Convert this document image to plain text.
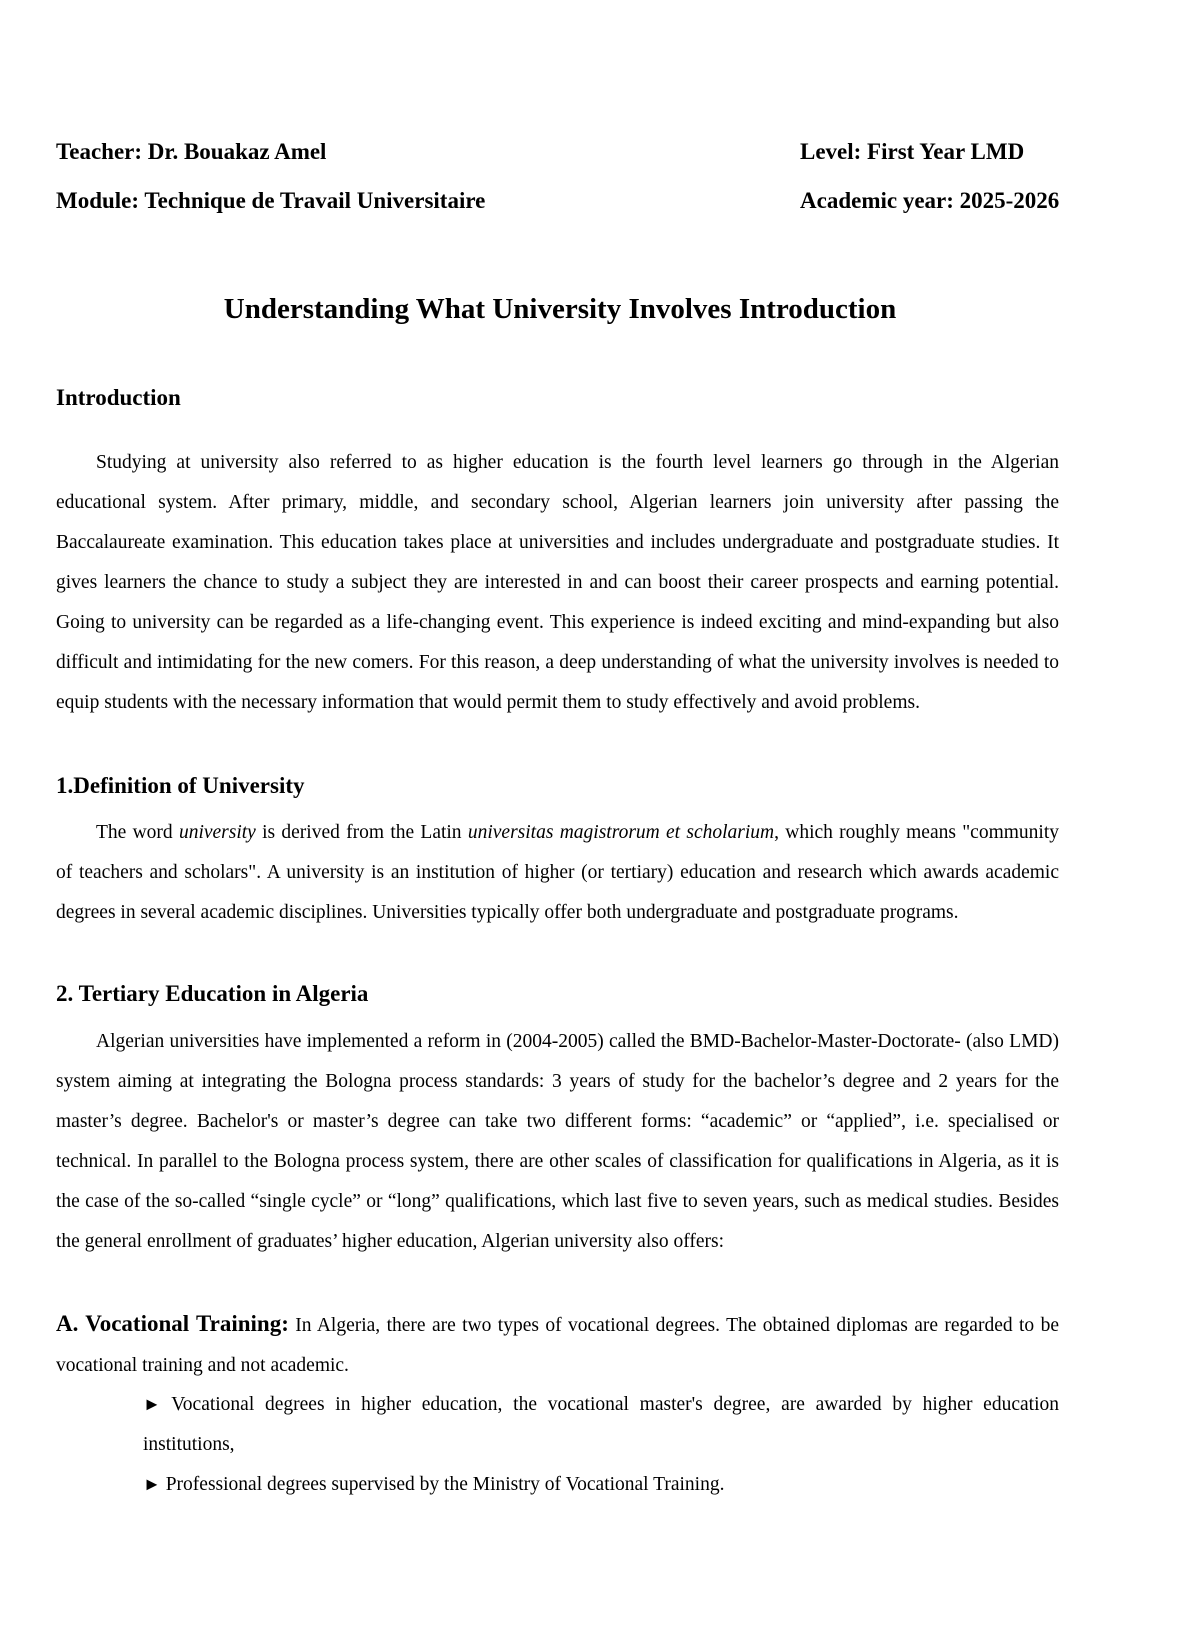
Teacher: Dr. Bouakaz Amel	Level: First Year LMD
Module: Technique de Travail Universitaire	Academic year: 2025-2026
Understanding What University Involves Introduction
Introduction

Studying at university also referred to as higher education is the fourth level learners go through in the Algerian educational system. After primary, middle, and secondary school, Algerian learners join university after passing the Baccalaureate examination. This education takes place at universities and includes undergraduate and postgraduate studies. It gives learners the chance to study a subject they are interested in and can boost their career prospects and earning potential. Going to university can be regarded as a life-changing event. This experience is indeed exciting and mind-expanding but also difficult and intimidating for the new comers. For this reason, a deep understanding of what the university involves is needed to equip students with the necessary information that would permit them to study effectively and avoid problems.

1.Definition of University

The word university is derived from the Latin universitas magistrorum et scholarium, which roughly means "community of teachers and scholars". A university is an institution of higher (or tertiary) education and research which awards academic degrees in several academic disciplines. Universities typically offer both undergraduate and postgraduate programs.

2. Tertiary Education in Algeria

Algerian universities have implemented a reform in (2004-2005) called the BMD-Bachelor-Master-Doctorate- (also LMD) system aiming at integrating the Bologna process standards: 3 years of study for the bachelor’s degree and 2 years for the master’s degree. Bachelor's or master’s degree can take two different forms: “academic” or “applied”, i.e. specialised or technical. In parallel to the Bologna process system, there are other scales of classification for qualifications in Algeria, as it is the case of the so-called “single cycle” or “long” qualifications, which last five to seven years, such as medical studies. Besides the general enrollment of graduates’ higher education, Algerian university also offers:

A. Vocational Training: In Algeria, there are two types of vocational degrees. The obtained diplomas are regarded to be vocational training and not academic.

► Vocational degrees in higher education, the vocational master's degree, are awarded by higher education institutions,

► Professional degrees supervised by the Ministry of Vocational Training.
